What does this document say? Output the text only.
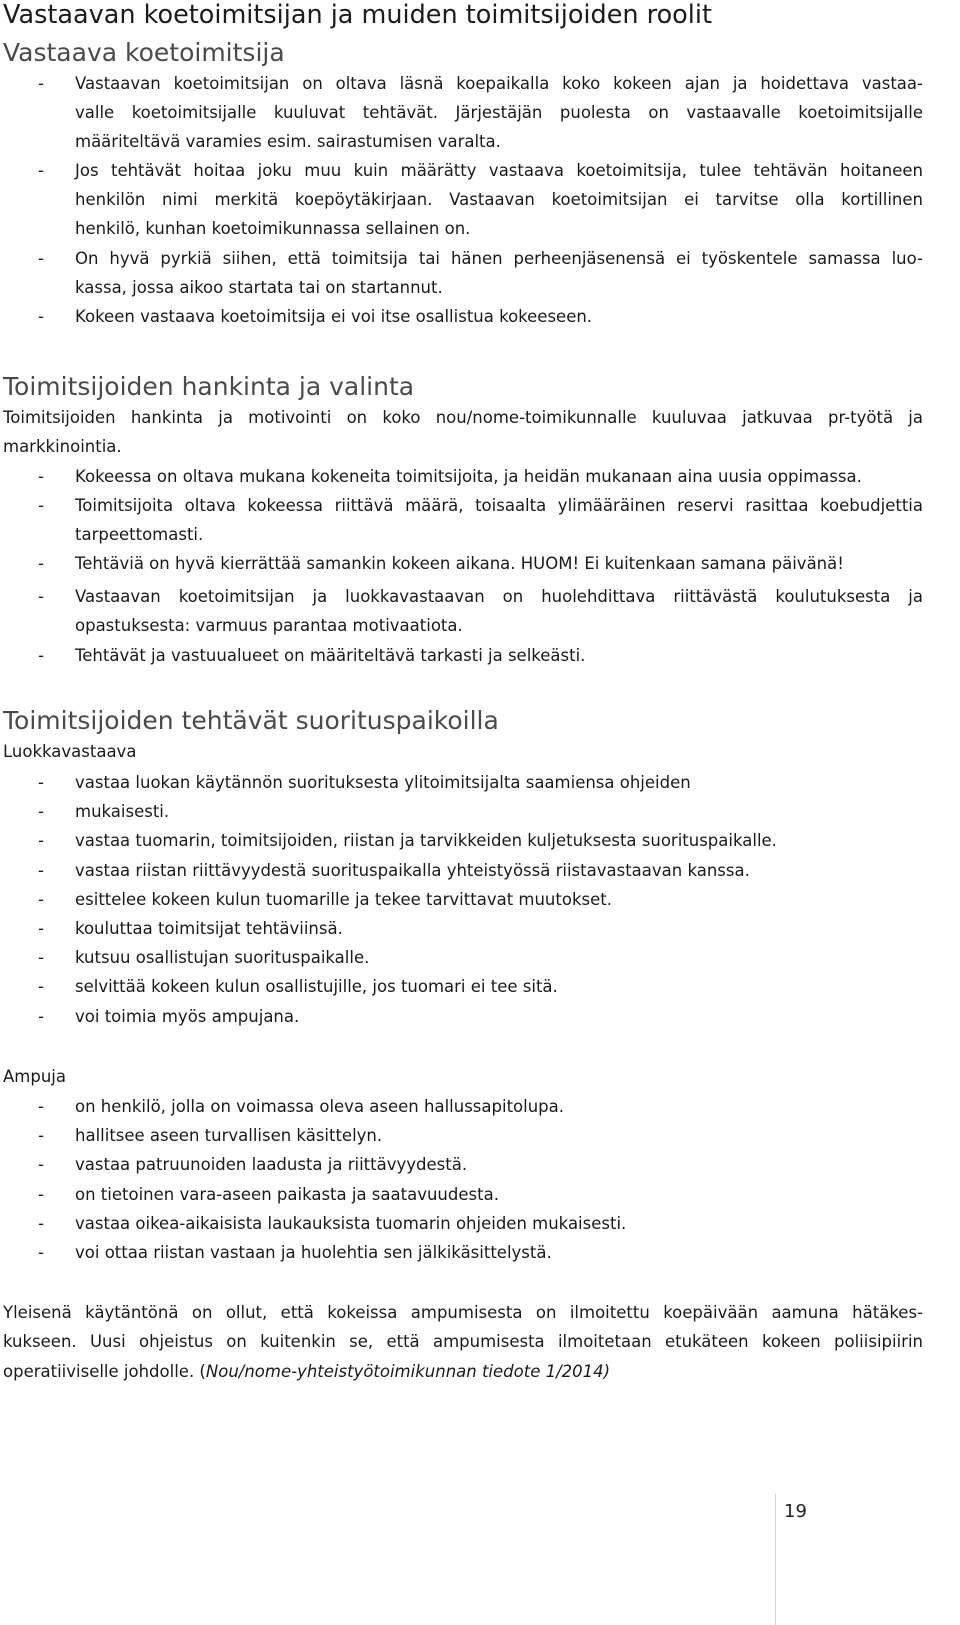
Vastaavan koetoimitsijan ja muiden toimitsijoiden roolit
Vastaava koetoimitsija
- Vastaavan koetoimitsijan on oltava läsnä koepaikalla koko kokeen ajan ja hoidettava vastaa-
valle koetoimitsijalle kuuluvat tehtävät. Järjestäjän puolesta on vastaavalle koetoimitsijalle
määriteltävä varamies esim. sairastumisen varalta.
- Jos tehtävät hoitaa joku muu kuin määrätty vastaava koetoimitsija, tulee tehtävän hoitaneen
henkilön nimi merkitä koepöytäkirjaan. Vastaavan koetoimitsijan ei tarvitse olla kortillinen
henkilö, kunhan koetoimikunnassa sellainen on.
- On hyvä pyrkiä siihen, että toimitsija tai hänen perheenjäsenensä ei työskentele samassa luo-
kassa, jossa aikoo startata tai on startannut.
- Kokeen vastaava koetoimitsija ei voi itse osallistua kokeeseen.
Toimitsijoiden hankinta ja valinta
Toimitsijoiden hankinta ja motivointi on koko nou/nome-toimikunnalle kuuluvaa jatkuvaa pr-työtä ja
markkinointia.
- Kokeessa on oltava mukana kokeneita toimitsijoita, ja heidän mukanaan aina uusia oppimassa.
- Toimitsijoita oltava kokeessa riittävä määrä, toisaalta ylimääräinen reservi rasittaa koebudjettia
tarpeettomasti.
- Tehtäviä on hyvä kierrättää samankin kokeen aikana. HUOM! Ei kuitenkaan samana päivänä!
- Vastaavan koetoimitsijan ja luokkavastaavan on huolehdittava riittävästä koulutuksesta ja
opastuksesta: varmuus parantaa motivaatiota.
- Tehtävät ja vastuualueet on määriteltävä tarkasti ja selkeästi.
Toimitsijoiden tehtävät suorituspaikoilla
Luokkavastaava
- vastaa luokan käytännön suorituksesta ylitoimitsijalta saamiensa ohjeiden
- mukaisesti.
- vastaa tuomarin, toimitsijoiden, riistan ja tarvikkeiden kuljetuksesta suorituspaikalle.
- vastaa riistan riittävyydestä suorituspaikalla yhteistyössä riistavastaavan kanssa.
- esittelee kokeen kulun tuomarille ja tekee tarvittavat muutokset.
- kouluttaa toimitsijat tehtäviinsä.
- kutsuu osallistujan suorituspaikalle.
- selvittää kokeen kulun osallistujille, jos tuomari ei tee sitä.
- voi toimia myös ampujana.
Ampuja
- on henkilö, jolla on voimassa oleva aseen hallussapitolupa.
- hallitsee aseen turvallisen käsittelyn.
- vastaa patruunoiden laadusta ja riittävyydestä.
- on tietoinen vara-aseen paikasta ja saatavuudesta.
- vastaa oikea-aikaisista laukauksista tuomarin ohjeiden mukaisesti.
- voi ottaa riistan vastaan ja huolehtia sen jälkikäsittelystä.
Yleisenä käytäntönä on ollut, että kokeissa ampumisesta on ilmoitettu koepäivään aamuna hätäkes-
kukseen. Uusi ohjeistus on kuitenkin se, että ampumisesta ilmoitetaan etukäteen kokeen poliisipiirin
operatiiviselle johdolle. (Nou/nome-yhteistyötoimikunnan tiedote 1/2014)
19
